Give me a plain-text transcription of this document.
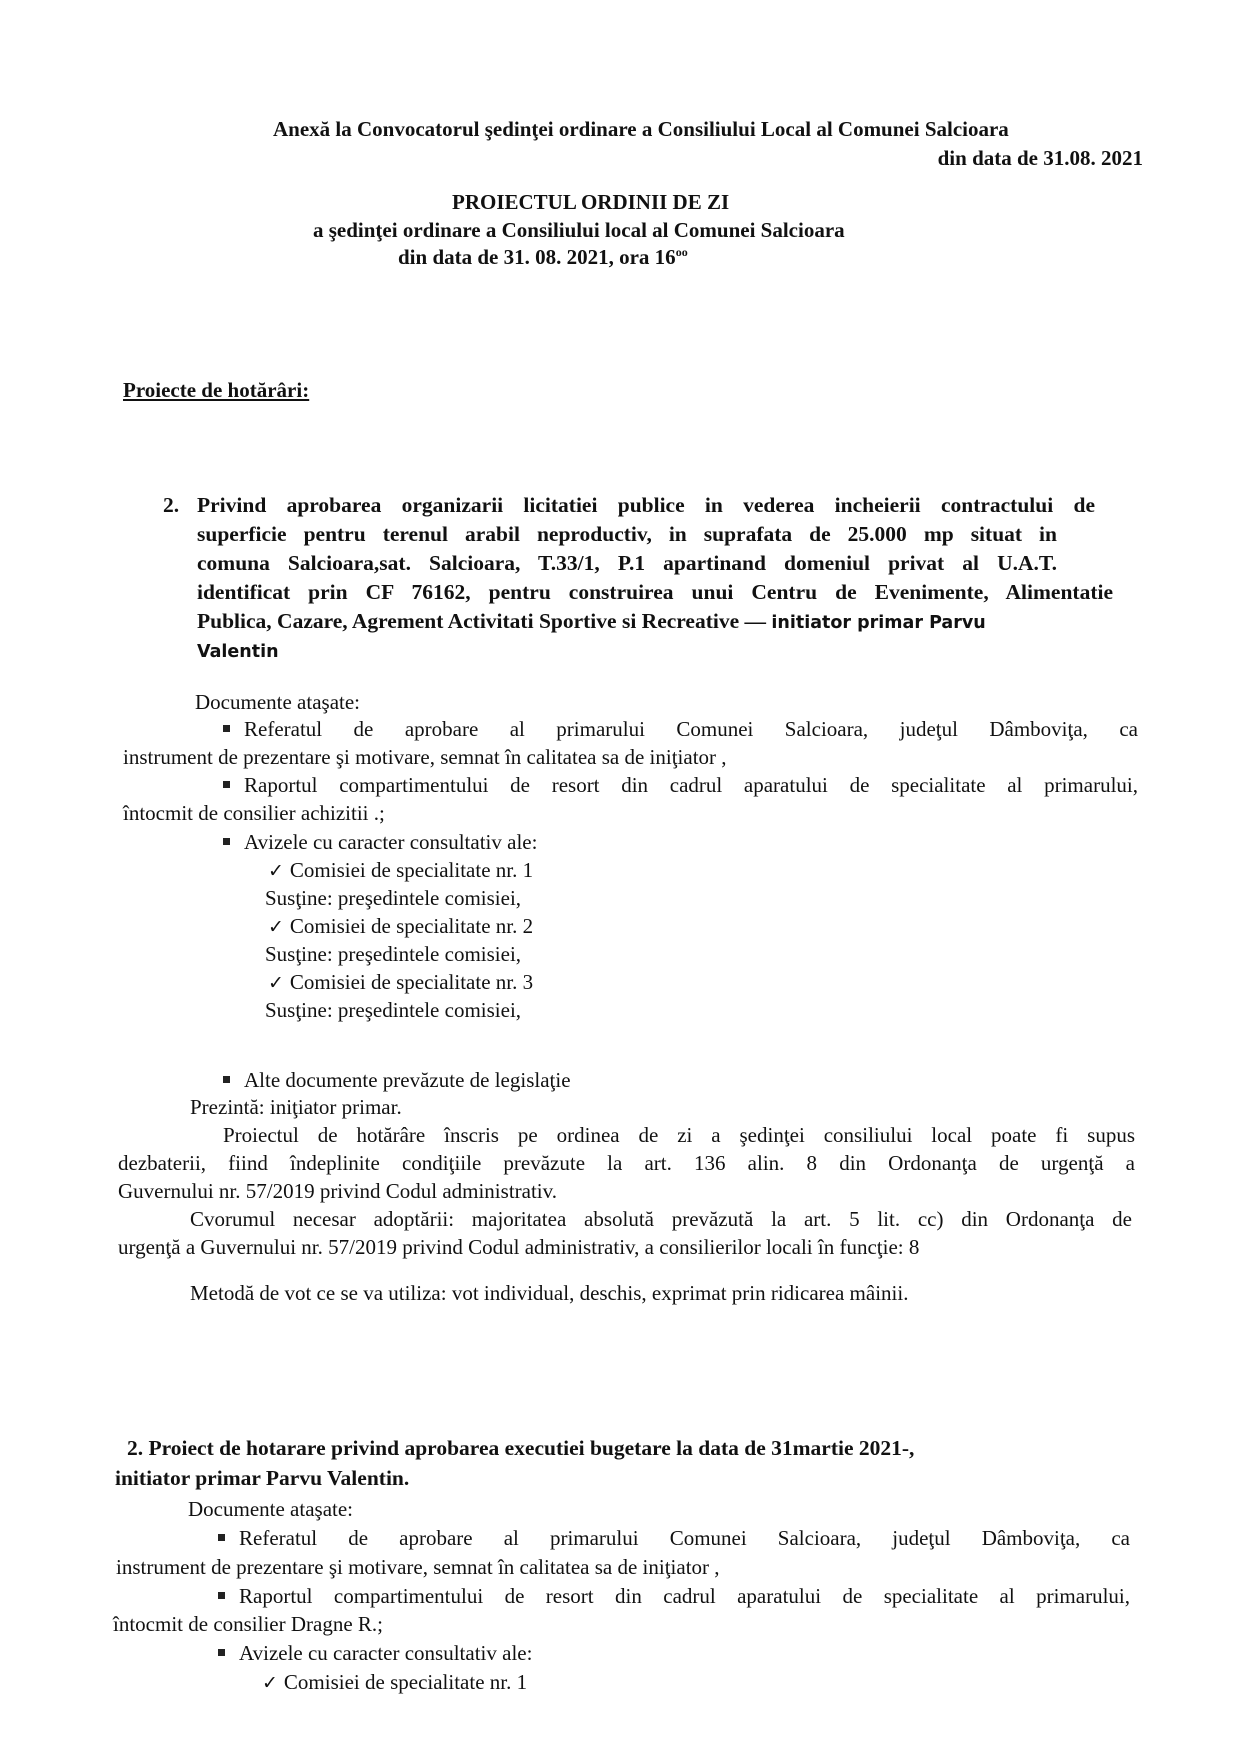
Anexă la Convocatorul şedinţei ordinare a Consiliului Local al Comunei Salcioara
din data de 31.08. 2021
PROIECTUL ORDINII DE ZI
a şedinţei ordinare a Consiliului local al Comunei Salcioara
din data de 31. 08. 2021, ora $16^{oo}$
Proiecte de hotărâri:
2. Privind aprobarea organizarii licitatiei publice in vederea incheierii contractului de
superficie pentru terenul arabil neproductiv, in suprafata de 25.000 mp situat in
comuna Salcioara,sat. Salcioara, T.33/1, P.1 apartinand domeniul privat al U.A.T.
identificat prin CF 76162, pentru construirea unui Centru de Evenimente, Alimentatie
Publica, Cazare, Agrement Activitati Sportive si Recreative — initiator primar Parvu
Valentin
Documente ataşate:
Referatul de aprobare al primarului Comunei Salcioara, judeţul Dâmboviţa, ca
instrument de prezentare şi motivare, semnat în calitatea sa de iniţiator ,
Raportul compartimentului de resort din cadrul aparatului de specialitate al primarului,
întocmit de consilier achizitii .;
Avizele cu caracter consultativ ale:
✓ Comisiei de specialitate nr. 1
Susţine: preşedintele comisiei,
✓ Comisiei de specialitate nr. 2
Susţine: preşedintele comisiei,
✓ Comisiei de specialitate nr. 3
Susţine: preşedintele comisiei,
Alte documente prevăzute de legislaţie
Prezintă: iniţiator primar.
Proiectul de hotărâre înscris pe ordinea de zi a şedinţei consiliului local poate fi supus
dezbaterii, fiind îndeplinite condiţiile prevăzute la art. 136 alin. 8 din Ordonanţa de urgenţă a
Guvernului nr. 57/2019 privind Codul administrativ.
Cvorumul necesar adoptării: majoritatea absolută prevăzută la art. 5 lit. cc) din Ordonanţa de
urgenţă a Guvernului nr. 57/2019 privind Codul administrativ, a consilierilor locali în funcţie: 8
Metodă de vot ce se va utiliza: vot individual, deschis, exprimat prin ridicarea mâinii.
2. Proiect de hotarare privind aprobarea executiei bugetare la data de 31martie 2021-,
initiator primar Parvu Valentin.
Documente ataşate:
Referatul de aprobare al primarului Comunei Salcioara, judeţul Dâmboviţa, ca
instrument de prezentare şi motivare, semnat în calitatea sa de iniţiator ,
Raportul compartimentului de resort din cadrul aparatului de specialitate al primarului,
întocmit de consilier Dragne R.;
Avizele cu caracter consultativ ale:
✓ Comisiei de specialitate nr. 1
